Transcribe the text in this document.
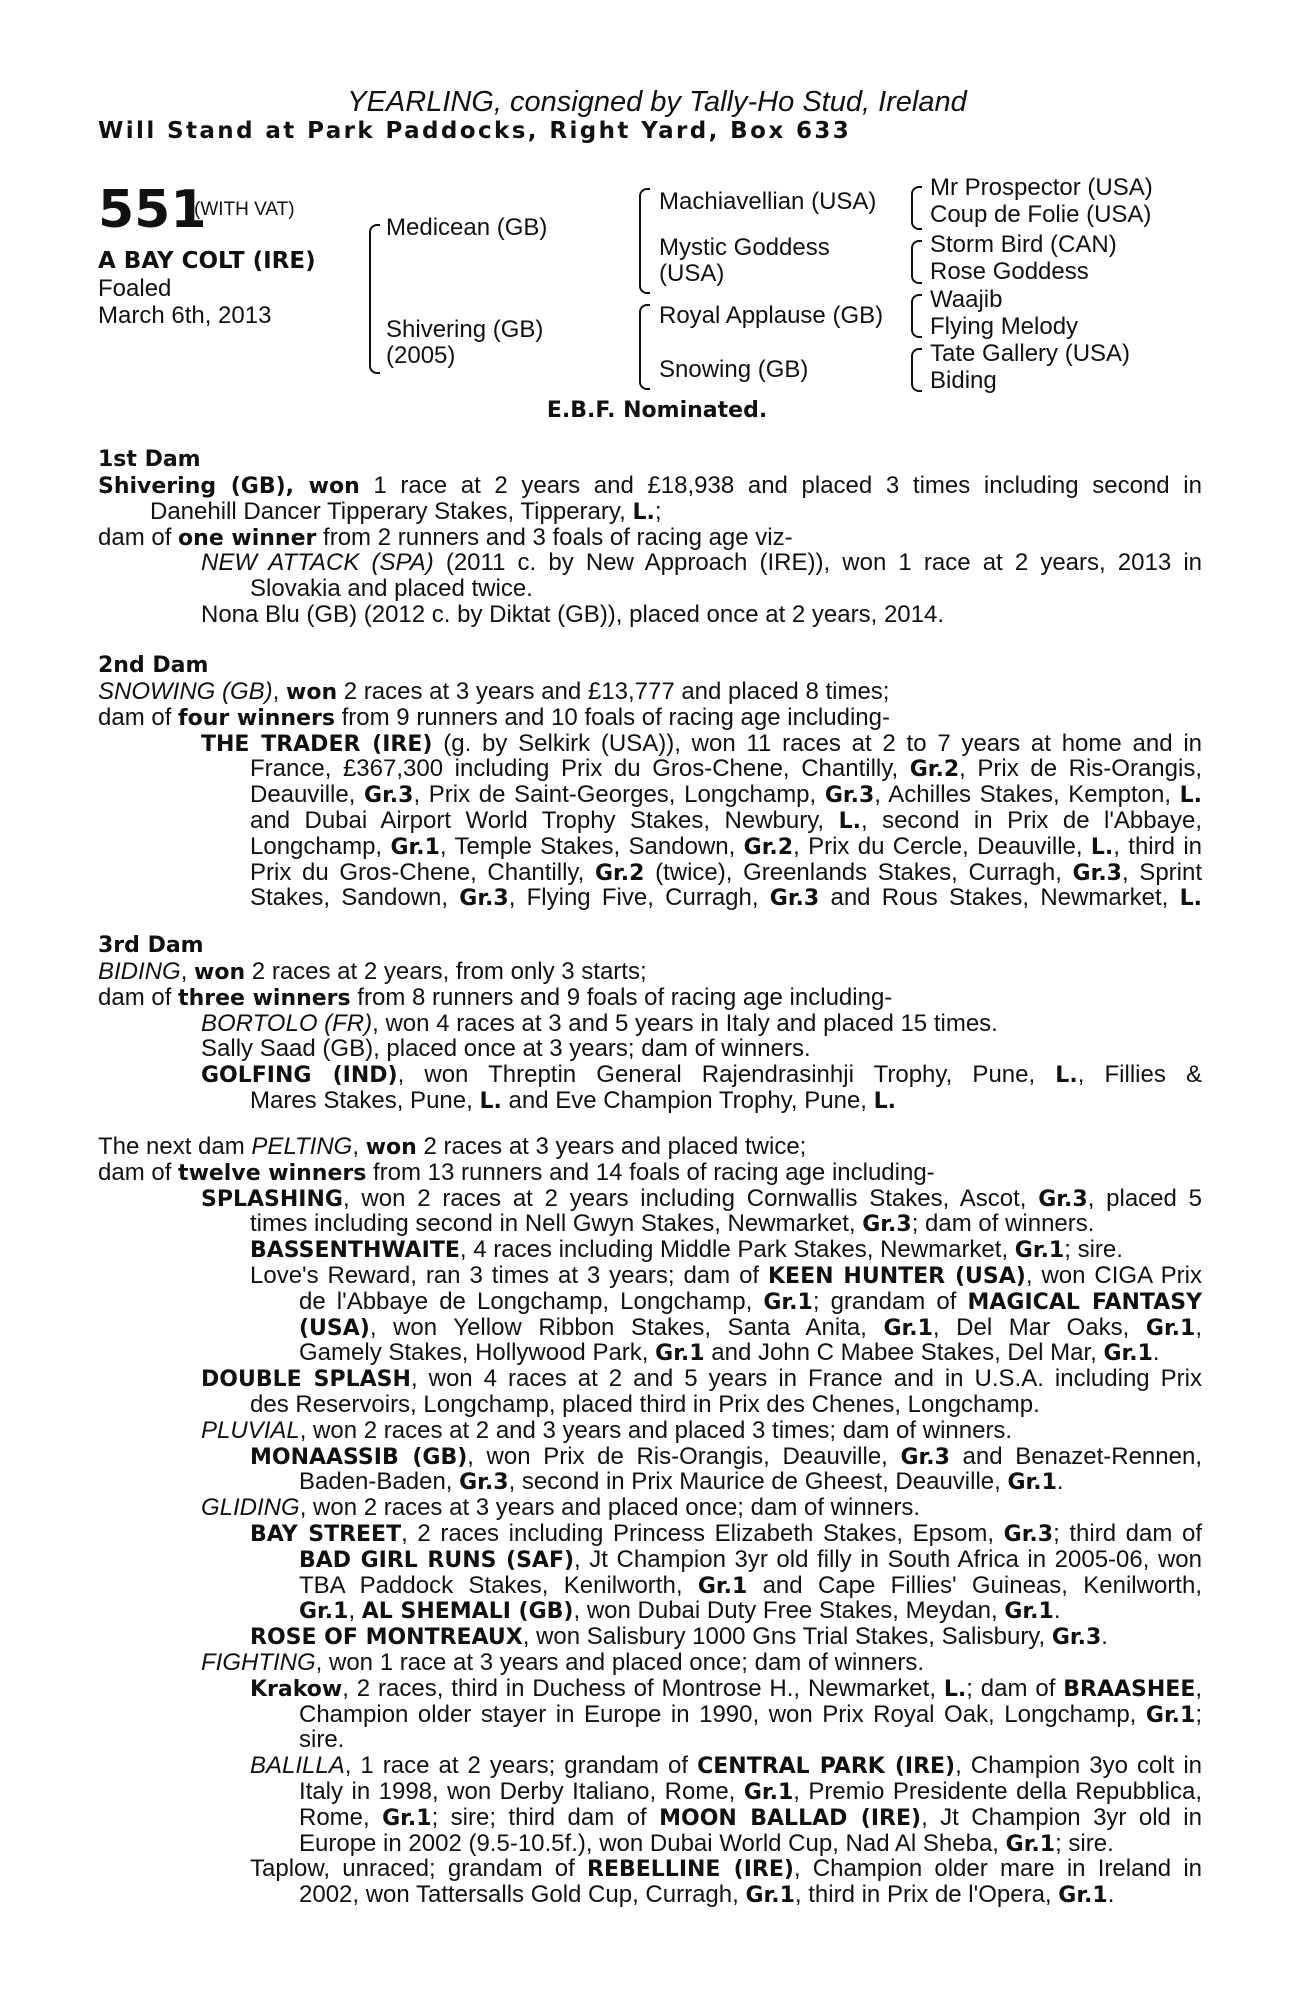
YEARLING, consigned by Tally-Ho Stud, Ireland
Will Stand at Park Paddocks, Right Yard, Box 633
551
(WITH VAT)
A BAY COLT (IRE)
Foaled
March 6th, 2013
Medicean (GB)
Shivering (GB)
(2005)
Machiavellian (USA)
Mystic Goddess
(USA)
Royal Applause (GB)
Snowing (GB)
Mr Prospector (USA)
Coup de Folie (USA)
Storm Bird (CAN)
Rose Goddess
Waajib
Flying Melody
Tate Gallery (USA)
Biding
E.B.F. Nominated.
1st Dam
Shivering (GB), won 1 race at 2 years and £18,938 and placed 3 times including second in
Danehill Dancer Tipperary Stakes, Tipperary, L.;
dam of one winner from 2 runners and 3 foals of racing age viz-
NEW ATTACK (SPA) (2011 c. by New Approach (IRE)), won 1 race at 2 years, 2013 in
Slovakia and placed twice.
Nona Blu (GB) (2012 c. by Diktat (GB)), placed once at 2 years, 2014.
2nd Dam
SNOWING (GB), won 2 races at 3 years and £13,777 and placed 8 times;
dam of four winners from 9 runners and 10 foals of racing age including-
THE TRADER (IRE) (g. by Selkirk (USA)), won 11 races at 2 to 7 years at home and in
France, £367,300 including Prix du Gros-Chene, Chantilly, Gr.2, Prix de Ris-Orangis,
Deauville, Gr.3, Prix de Saint-Georges, Longchamp, Gr.3, Achilles Stakes, Kempton, L.
and Dubai Airport World Trophy Stakes, Newbury, L., second in Prix de l'Abbaye,
Longchamp, Gr.1, Temple Stakes, Sandown, Gr.2, Prix du Cercle, Deauville, L., third in
Prix du Gros-Chene, Chantilly, Gr.2 (twice), Greenlands Stakes, Curragh, Gr.3, Sprint
Stakes, Sandown, Gr.3, Flying Five, Curragh, Gr.3 and Rous Stakes, Newmarket, L.
3rd Dam
BIDING, won 2 races at 2 years, from only 3 starts;
dam of three winners from 8 runners and 9 foals of racing age including-
BORTOLO (FR), won 4 races at 3 and 5 years in Italy and placed 15 times.
Sally Saad (GB), placed once at 3 years; dam of winners.
GOLFING (IND), won Threptin General Rajendrasinhji Trophy, Pune, L., Fillies &
Mares Stakes, Pune, L. and Eve Champion Trophy, Pune, L.
The next dam PELTING, won 2 races at 3 years and placed twice;
dam of twelve winners from 13 runners and 14 foals of racing age including-
SPLASHING, won 2 races at 2 years including Cornwallis Stakes, Ascot, Gr.3, placed 5
times including second in Nell Gwyn Stakes, Newmarket, Gr.3; dam of winners.
BASSENTHWAITE, 4 races including Middle Park Stakes, Newmarket, Gr.1; sire.
Love's Reward, ran 3 times at 3 years; dam of KEEN HUNTER (USA), won CIGA Prix
de l'Abbaye de Longchamp, Longchamp, Gr.1; grandam of MAGICAL FANTASY
(USA), won Yellow Ribbon Stakes, Santa Anita, Gr.1, Del Mar Oaks, Gr.1,
Gamely Stakes, Hollywood Park, Gr.1 and John C Mabee Stakes, Del Mar, Gr.1.
DOUBLE SPLASH, won 4 races at 2 and 5 years in France and in U.S.A. including Prix
des Reservoirs, Longchamp, placed third in Prix des Chenes, Longchamp.
PLUVIAL, won 2 races at 2 and 3 years and placed 3 times; dam of winners.
MONAASSIB (GB), won Prix de Ris-Orangis, Deauville, Gr.3 and Benazet-Rennen,
Baden-Baden, Gr.3, second in Prix Maurice de Gheest, Deauville, Gr.1.
GLIDING, won 2 races at 3 years and placed once; dam of winners.
BAY STREET, 2 races including Princess Elizabeth Stakes, Epsom, Gr.3; third dam of
BAD GIRL RUNS (SAF), Jt Champion 3yr old filly in South Africa in 2005-06, won
TBA Paddock Stakes, Kenilworth, Gr.1 and Cape Fillies' Guineas, Kenilworth,
Gr.1, AL SHEMALI (GB), won Dubai Duty Free Stakes, Meydan, Gr.1.
ROSE OF MONTREAUX, won Salisbury 1000 Gns Trial Stakes, Salisbury, Gr.3.
FIGHTING, won 1 race at 3 years and placed once; dam of winners.
Krakow, 2 races, third in Duchess of Montrose H., Newmarket, L.; dam of BRAASHEE,
Champion older stayer in Europe in 1990, won Prix Royal Oak, Longchamp, Gr.1;
sire.
BALILLA, 1 race at 2 years; grandam of CENTRAL PARK (IRE), Champion 3yo colt in
Italy in 1998, won Derby Italiano, Rome, Gr.1, Premio Presidente della Repubblica,
Rome, Gr.1; sire; third dam of MOON BALLAD (IRE), Jt Champion 3yr old in
Europe in 2002 (9.5-10.5f.), won Dubai World Cup, Nad Al Sheba, Gr.1; sire.
Taplow, unraced; grandam of REBELLINE (IRE), Champion older mare in Ireland in
2002, won Tattersalls Gold Cup, Curragh, Gr.1, third in Prix de l'Opera, Gr.1.
